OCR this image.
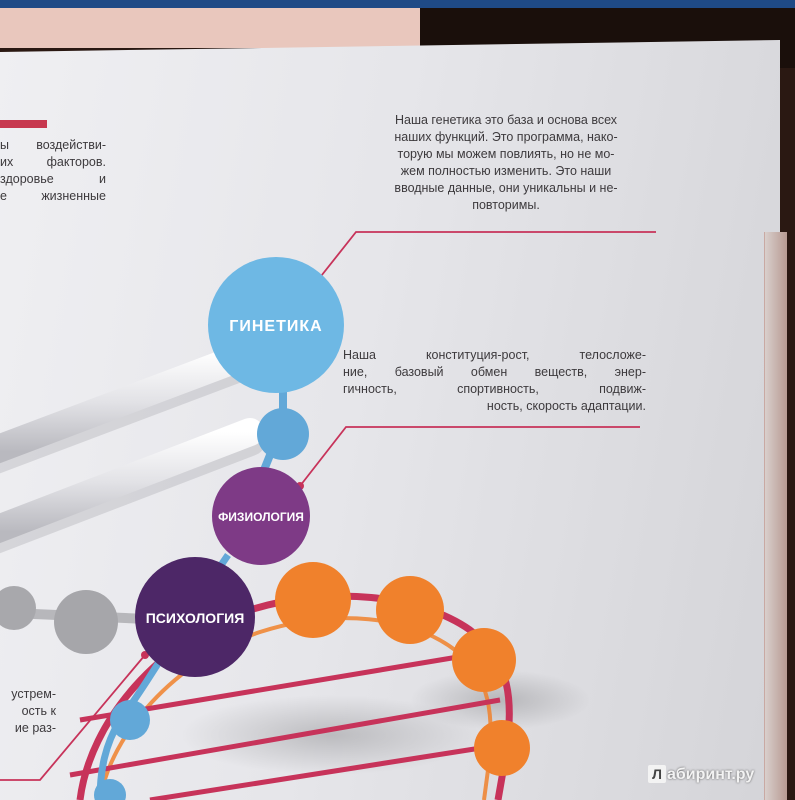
ы воздействи-
их факторов.
здоровье и
е жизненные
Наша генетика это база и основа всех
наших функций. Это программа, нако-
торую мы можем повлиять, но не мо-
жем полностью изменить. Это наши
вводные данные, они уникальны и не-
повторимы.
Наша конституция-рост, телосложе-
ние, базовый обмен веществ, энер-
гичность, спортивность, подвиж-
ность, скорость адаптации.
устрем-
ость к
ие раз-
ГИНЕТИКА
ФИЗИОЛОГИЯ
ПСИХОЛОГИЯ
Л абиринт.ру
